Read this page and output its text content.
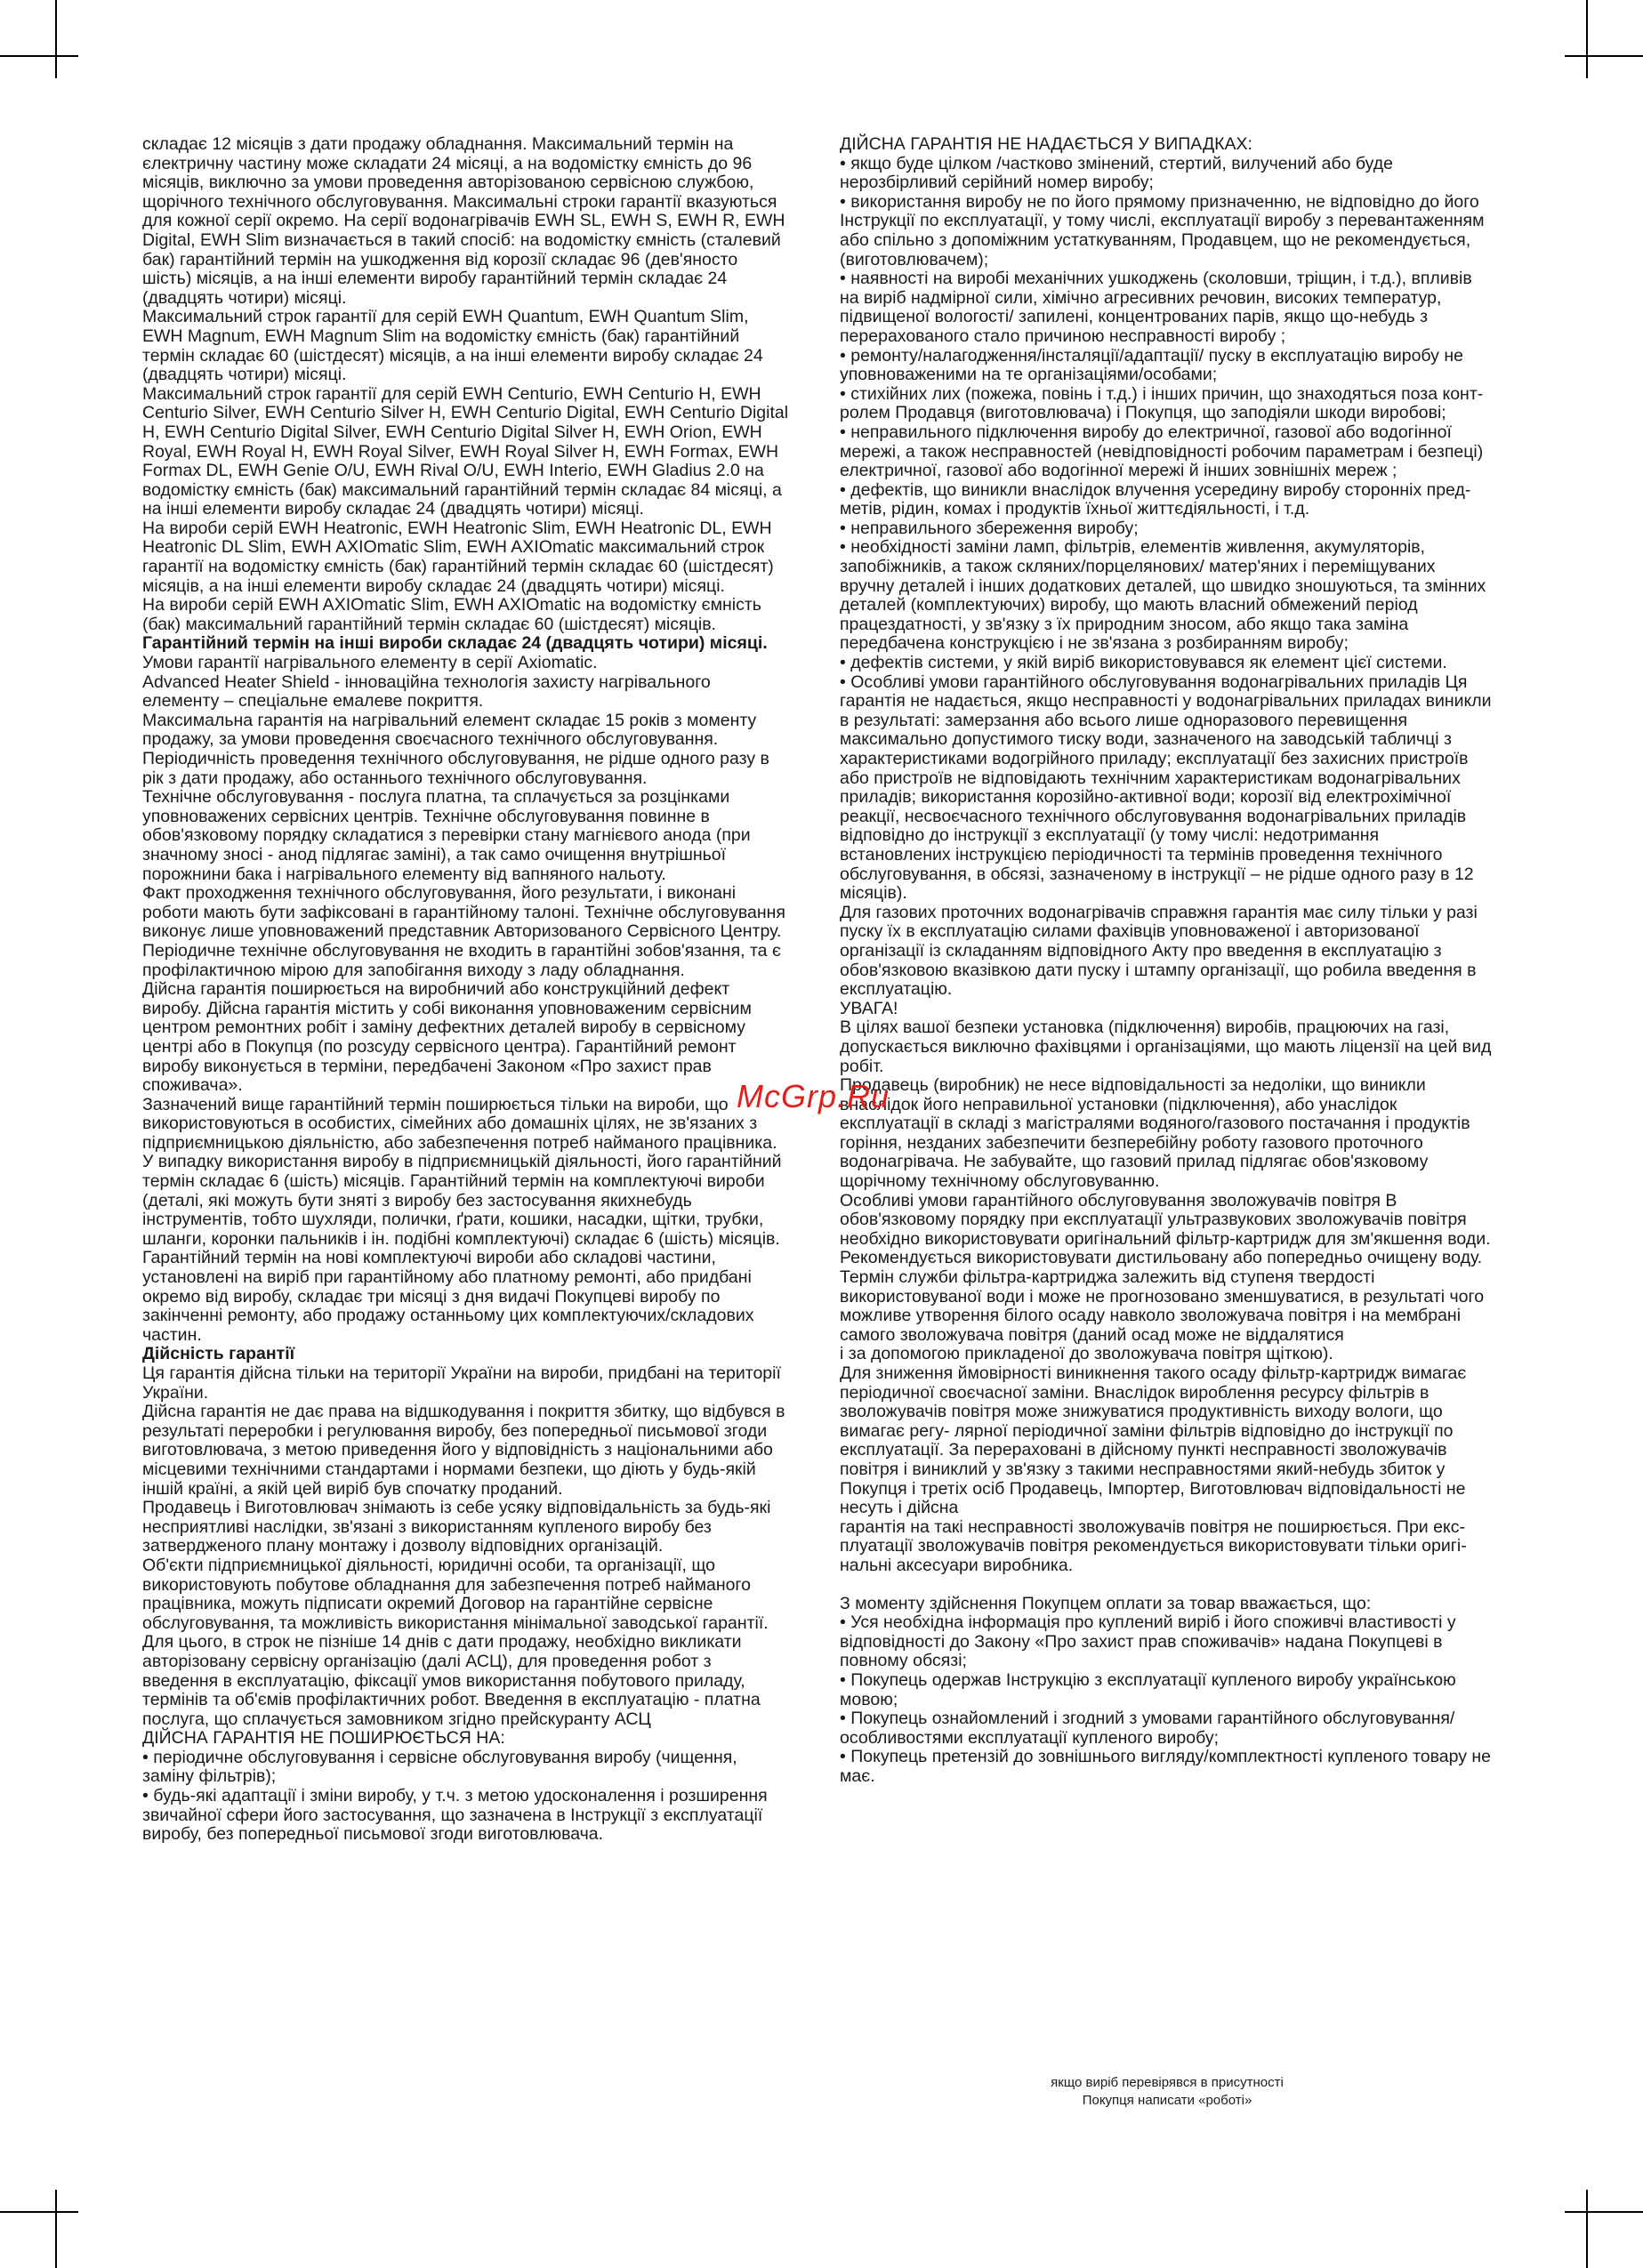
складає 12 місяців з дати продажу обладнання. Максимальний термін на єлектричну частину може складати 24 місяці, а на водомістку ємність до 96 місяців, виключно за умови проведення авторізованою сервісною службою, щорічного технічного обслуговування. Максимальні строки гарантії вказуються для кожної серії окремо. На серії водонагрівачів EWH SL, EWH S, EWH R, EWH Digital, EWH Slim визначається в такий спосіб: на водомістку ємність (сталевий бак) гарантійний термін на ушкодження від корозії складає 96 (дев'яносто шість) місяців, а на інші елементи виробу гарантійний термін складає 24 (двадцять чотири) місяці.

Максимальний строк гарантії для серій EWH Quantum, EWH Quantum Slim, EWH Magnum, EWH Magnum Slim на водомістку ємність (бак) гарантійний термін складає 60 (шістдесят) місяців, а на інші елементи виробу складає 24 (двадцять чотири) місяці.

Максимальний строк гарантії для серій EWH Centurio, EWH Centurio H, EWH Centurio Silver, EWH Centurio Silver H, EWH Centurio Digital, EWH Centurio Digital H, EWH Centurio Digital Silver, EWH Centurio Digital Silver H, EWH Orion, EWH Royal, EWH Royal H, EWH Royal Silver, EWH Royal Silver H, EWH Formax, EWH Formax DL, EWH Genie O/U, EWH Rival O/U, EWH Interio, EWH Gladius 2.0 на водомістку ємність (бак) максимальний гарантійний термін складає 84 місяці, а на інші елементи виробу складає 24 (двадцять чотири) місяці.

На вироби серій EWH Heatronic, EWH Heatronic Slim, EWH Heatronic DL, EWH Heatronic DL Slim, EWH AXIOmatic Slim, EWH AXIOmatic максимальний строк гарантії на водомістку ємність (бак) гарантійний термін складає 60 (шістдесят) місяців, а на інші елементи виробу складає 24 (двадцять чотири) місяці.

На вироби серій EWH AXIOmatic Slim, EWH AXIOmatic на водомістку ємність (бак) максимальний гарантійний термін складає 60 (шістдесят) місяців.

Гарантійний термін на інші вироби складає 24 (двадцять чотири) місяці. Умови гарантії нагрівального елементу в серії Axiomatic.

Advanced Heater Shield - інноваційна технологія захисту нагрівального елементу – спеціальне емалеве покриття.

Максимальна гарантія на нагрівальний елемент складає 15 років з моменту продажу, за умови проведення своєчасного технічного обслуговування. Періодичність проведення технічного обслуговування, не рідше одного разу в рік з дати продажу, або останнього технічного обслуговування.

Технічне обслуговування - послуга платна, та сплачується за розцінками уповноважених сервісних центрів. Технічне обслуговування повинне в обов'язковому порядку складатися з перевірки стану магнієвого анода (при значному зносі - анод підлягає заміні), а так само очищення внутрішньої порожнини бака і нагрівального елементу від вапняного нальоту.

Факт проходження технічного обслуговування, його результати, і виконані роботи мають бути зафіксовані в гарантійному талоні. Технічне обслуговування виконує лише уповноважений представник Авторизованого Сервісного Центру. Періодичне технічне обслуговування не входить в гарантійні зобов'язання, та є профілактичною мірою для запобігання виходу з ладу обладнання.

Дійсна гарантія поширюється на виробничий або конструкційний дефект виробу. Дійсна гарантія містить у собі виконання уповноваженим сервісним центром ремонтних робіт і заміну дефектних деталей виробу в сервісному центрі або в Покупця (по розсуду сервісного центра). Гарантійний ремонт виробу виконується в терміни, передбачені Законом «Про захист прав споживача».

Зазначений вище гарантійний термін поширюється тільки на вироби, що використовуються в особистих, сімейних або домашніх цілях, не зв'язаних з підприємницькою діяльністю, або забезпечення потреб найманого працівника. У випадку використання виробу в підприємницькій діяльності, його гарантійний термін складає 6 (шість) місяців. Гарантійний термін на комплектуючі вироби (деталі, які можуть бути зняті з виробу без застосування якихнебудь інструментів, тобто шухляди, полички, ґрати, кошики, насадки, щітки, трубки, шланги, коронки пальників і ін. подібні комплектуючі) складає 6 (шість) місяців.

Гарантійний термін на нові комплектуючі вироби або складові частини, установлені на виріб при гарантійному або платному ремонті, або придбані окремо від виробу, складає три місяці з дня видачі Покупцеві виробу по закінченні ремонту, або продажу останньому цих комплектуючих/складових частин.

Дійсність гарантії

Ця гарантія дійсна тільки на території України на вироби, придбані на території України.

Дійсна гарантія не дає права на відшкодування і покриття збитку, що відбувся в результаті переробки і регулювання виробу, без попередньої письмової згоди виготовлювача, з метою приведення його у відповідність з національними або місцевими технічними стандартами і нормами безпеки, що діють у будь-якій іншій країні, а якій цей виріб був спочатку проданий.

Продавець і Виготовлювач знімають із себе усяку відповідальність за будь-які несприятливі наслідки, зв'язані з використанням купленого виробу без затвердженого плану монтажу і дозволу відповідних організацій.

Об'єкти підприємницької діяльності, юридичні особи, та організації, що використовують побутове обладнання для забезпечення потреб найманого працівника, можуть підписати окремий Договор на гарантійне сервісне обслуговування, та можливість використання мінімальної заводської гарантії. Для цього, в строк не пізніше 14 днів с дати продажу, необхідно викликати авторізовану сервісну організацію (далі АСЦ), для проведення робот з введення в експлуатацію, фіксації умов використання побутового приладу, термінів та об'ємів профілактичних робот. Введення в експлуатацію - платна послуга, що сплачується замовником згідно прейскуранту АСЦ

ДІЙСНА ГАРАНТІЯ НЕ ПОШИРЮЄТЬСЯ НА:

• періодичне обслуговування і сервісне обслуговування виробу (чищення, заміну фільтрів);

• будь-які адаптації і зміни виробу, у т.ч. з метою удосконалення і розширення звичайної сфери його застосування, що зазначена в Інструкції з експлуатації виробу, без попередньої письмової згоди виготовлювача.

ДІЙСНА ГАРАНТІЯ НЕ НАДАЄТЬСЯ У ВИПАДКАХ:

• якщо буде цілком /частково змінений, стертий, вилучений або буде нерозбірливий серійний номер виробу;

• використання виробу не по його прямому призначенню, не відповідно до його Інструкції по експлуатації, у тому числі, експлуатації виробу з перевантаженням або спільно з допоміжним устаткуванням, Продавцем, що не рекомендується, (виготовлювачем);

• наявності на виробі механічних ушкоджень (сколовши, тріщин, і т.д.), впливів на виріб надмірної сили, хімічно агресивних речовин, високих температур, підвищеної вологості/ запилені, концентрованих парів, якщо що-небудь з перерахованого стало причиною несправності виробу ;

• ремонту/налагодження/інсталяції/адаптації/ пуску в експлуатацію виробу не уповноваженими на те організаціями/особами;

• стихійних лих (пожежа, повінь і т.д.) і інших причин, що знаходяться поза конт- ролем Продавця (виготовлювача) і Покупця, що заподіяли шкоди виробові;

• неправильного підключення виробу до електричної, газової або водогінної мережі, а також несправностей (невідповідності робочим параметрам і безпеці) електричної, газової або водогінної мережі й інших зовнішніх мереж ;

• дефектів, що виникли внаслідок влучення усередину виробу сторонніх пред- метів, рідин, комах і продуктів їхньої життєдіяльності, і т.д.

• неправильного збереження виробу;

• необхідності заміни ламп, фільтрів, елементів живлення, акумуляторів, запобіжників, а також скляних/порцелянових/ матер'яних і переміщуваних вручну деталей і інших додаткових деталей, що швидко зношуються, та змінних деталей (комплектуючих) виробу, що мають власний обмежений період працездатності, у зв'язку з їх природним зносом, або якщо така заміна передбачена конструкцією і не зв'язана з розбиранням виробу;

• дефектів системи, у якій виріб використовувався як елемент цієї системи.

• Особливі умови гарантійного обслуговування водонагрівальних приладів Ця гарантія не надається, якщо несправності у водонагрівальних приладах виникли в результаті: замерзання або всього лише одноразового перевищення максимально допустимого тиску води, зазначеного на заводській табличці з характеристиками водогрійного приладу; експлуатації без захисних пристроїв або пристроїв не відповідають технічним характеристикам водонагрівальних приладів; використання корозійно-активної води; корозії від електрохімічної реакції, несвоєчасного технічного обслуговування водонагрівальних приладів відповідно до інструкції з експлуатації (у тому числі: недотримання встановлених інструкцією періодичності та термінів проведення технічного обслуговування, в обсязі, зазначеному в інструкції – не рідше одного разу в 12 місяців).

Для газових проточних водонагрівачів справжня гарантія має силу тільки у разі пуску їх в експлуатацію силами фахівців уповноваженої і авторизованої організації із складанням відповідного Акту про введення в експлуатацію з обов'язковою вказівкою дати пуску і штампу організації, що робила введення в експлуатацію.

УВАГА!

В цілях вашої безпеки установка (підключення) виробів, працюючих на газі, допускається виключно фахівцями і організаціями, що мають ліцензії на цей вид робіт.

Продавець (виробник) не несе відповідальності за недоліки, що виникли внаслідок його неправильної установки (підключення), або унаслідок експлуатації в складі з магістралями водяного/газового постачання і продуктів горіння, незданих забезпечити безперебійну роботу газового проточного водонагрівача. Не забувайте, що газовий прилад підлягає обов'язковому щорічному технічному обслуговуванню.

Особливі умови гарантійного обслуговування зволожувачів повітря В обов'язковому порядку при експлуатації ультразвукових зволожувачів повітря необхідно використовувати оригінальний фільтр-картридж для зм'якшення води. Рекомендується використовувати дистильовану або попередньо очищену воду. Термін служби фільтра-картриджа залежить від ступеня твердості використовуваної води і може не прогнозовано зменшуватися, в результаті чого можливе утворення білого осаду навколо зволожувача повітря і на мембрані самого зволожувача повітря (даний осад може не віддалятися

і за допомогою прикладеної до зволожувача повітря щіткою).

Для зниження ймовірності виникнення такого осаду фільтр-картридж вимагає періодичної своєчасної заміни. Внаслідок вироблення ресурсу фільтрів в зволожувачів повітря може знижуватися продуктивність виходу вологи, що вимагає регу- лярної періодичної заміни фільтрів відповідно до інструкції по експлуатації. За перераховані в дійсному пункті несправності зволожувачів повітря і виниклий у зв'язку з такими несправностями який-небудь збиток у Покупця і третіх осіб Продавець, Імпортер, Виготовлювач відповідальності не несуть і дійсна

гарантія на такі несправності зволожувачів повітря не поширюється. При екс- плуатації зволожувачів повітря рекомендується використовувати тільки оригі- нальні аксесуари виробника.

З моменту здійснення Покупцем оплати за товар вважається, що:

• Уся необхідна інформація про куплений виріб і його споживчі властивості у відповідності до Закону «Про захист прав споживачів» надана Покупцеві в повному обсязі;

• Покупець одержав Інструкцію з експлуатації купленого виробу українською мовою;

• Покупець ознайомлений і згодний з умовами гарантійного обслуговування/ особливостями експлуатації купленого виробу;

• Покупець претензій до зовнішнього вигляду/комплектності купленого товару не має.

якщо виріб перевірявся в присутності
Покупця написати «роботі»
McGrp.Ru
